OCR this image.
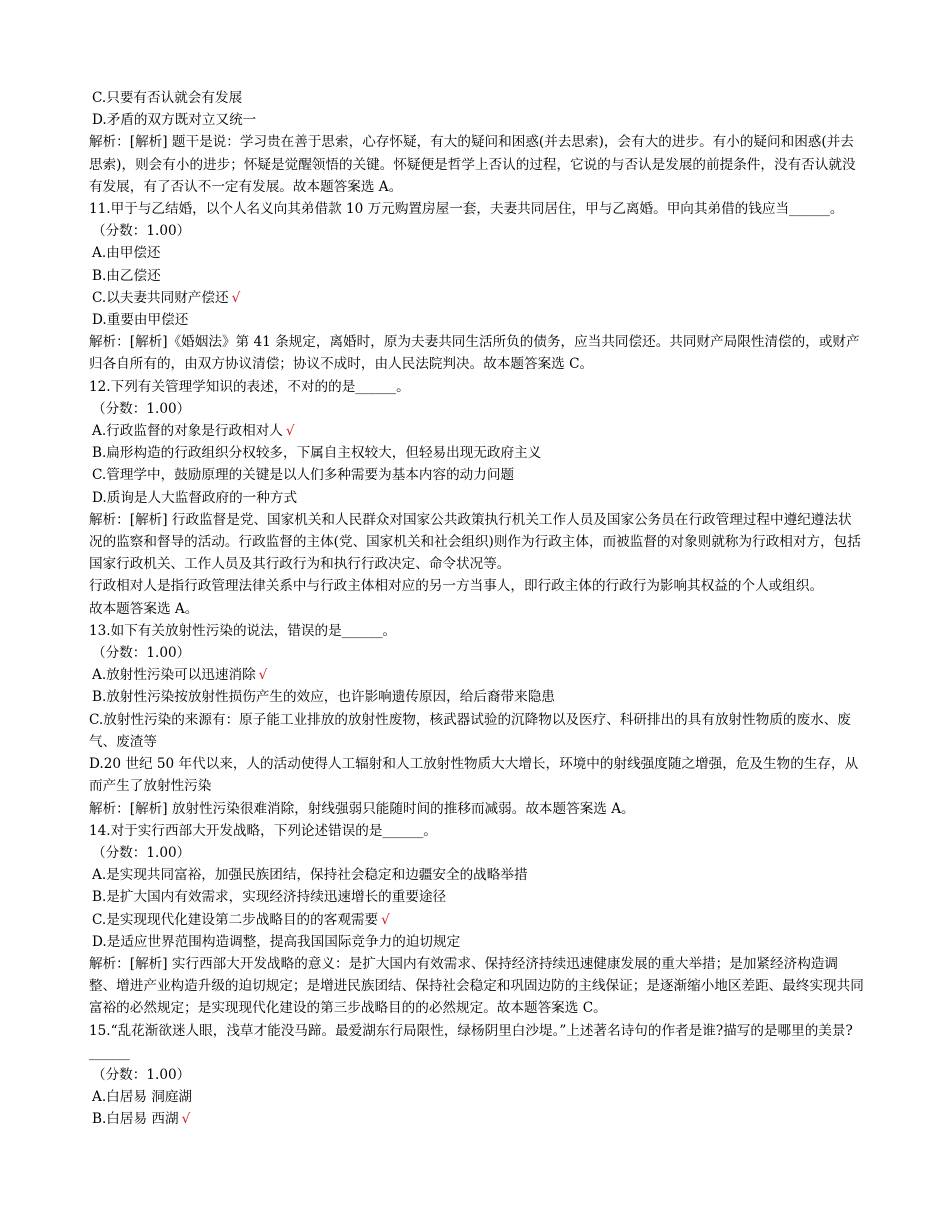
C.只要有否认就会有发展

D.矛盾的双方既对立又统一

解析：[解析] 题干是说：学习贵在善于思索，心存怀疑，有大的疑问和困惑(并去思索)，会有大的进步。有小的疑问和困惑(并去思索)，则会有小的进步；怀疑是觉醒领悟的关键。怀疑便是哲学上否认的过程，它说的与否认是发展的前提条件，没有否认就没有发展，有了否认不一定有发展。故本题答案选 A。

11.甲于与乙结婚，以个人名义向其弟借款 10 万元购置房屋一套，夫妻共同居住，甲与乙离婚。甲向其弟借的钱应当______。

（分数：1.00）

A.由甲偿还

B.由乙偿还

C.以夫妻共同财产偿还 √

D.重要由甲偿还

解析：[解析]《婚姻法》第 41 条规定，离婚时，原为夫妻共同生活所负的债务，应当共同偿还。共同财产局限性清偿的，或财产归各自所有的，由双方协议清偿；协议不成时，由人民法院判决。故本题答案选 C。

12.下列有关管理学知识的表述，不对的的是______。

（分数：1.00）

A.行政监督的对象是行政相对人 √

B.扁形构造的行政组织分权较多，下属自主权较大，但轻易出现无政府主义

C.管理学中，鼓励原理的关键是以人们多种需要为基本内容的动力问题

D.质询是人大监督政府的一种方式

解析：[解析] 行政监督是党、国家机关和人民群众对国家公共政策执行机关工作人员及国家公务员在行政管理过程中遵纪遵法状况的监察和督导的活动。行政监督的主体(党、国家机关和社会组织)则作为行政主体，而被监督的对象则就称为行政相对方，包括国家行政机关、工作人员及其行政行为和执行行政决定、命令状况等。

行政相对人是指行政管理法律关系中与行政主体相对应的另一方当事人，即行政主体的行政行为影响其权益的个人或组织。

故本题答案选 A。

13.如下有关放射性污染的说法，错误的是______。

（分数：1.00）

A.放射性污染可以迅速消除 √

B.放射性污染按放射性损伤产生的效应，也许影响遗传原因，给后裔带来隐患

C.放射性污染的来源有：原子能工业排放的放射性废物，核武器试验的沉降物以及医疗、科研排出的具有放射性物质的废水、废气、废渣等

D.20 世纪 50 年代以来，人的活动使得人工辐射和人工放射性物质大大增长，环境中的射线强度随之增强，危及生物的生存，从而产生了放射性污染

解析：[解析] 放射性污染很难消除，射线强弱只能随时间的推移而减弱。故本题答案选 A。

14.对于实行西部大开发战略，下列论述错误的是______。

（分数：1.00）

A.是实现共同富裕，加强民族团结，保持社会稳定和边疆安全的战略举措

B.是扩大国内有效需求，实现经济持续迅速增长的重要途径

C.是实现现代化建设第二步战略目的的客观需要 √

D.是适应世界范围构造调整，提高我国国际竞争力的迫切规定

解析：[解析] 实行西部大开发战略的意义：是扩大国内有效需求、保持经济持续迅速健康发展的重大举措；是加紧经济构造调整、增进产业构造升级的迫切规定；是增进民族团结、保持社会稳定和巩固边防的主线保证；是逐渐缩小地区差距、最终实现共同富裕的必然规定；是实现现代化建设的第三步战略目的的必然规定。故本题答案选 C。

15.“乱花渐欲迷人眼，浅草才能没马蹄。最爱湖东行局限性，绿杨阴里白沙堤。”上述著名诗句的作者是谁?描写的是哪里的美景?______

（分数：1.00）

A.白居易 洞庭湖

B.白居易 西湖 √
